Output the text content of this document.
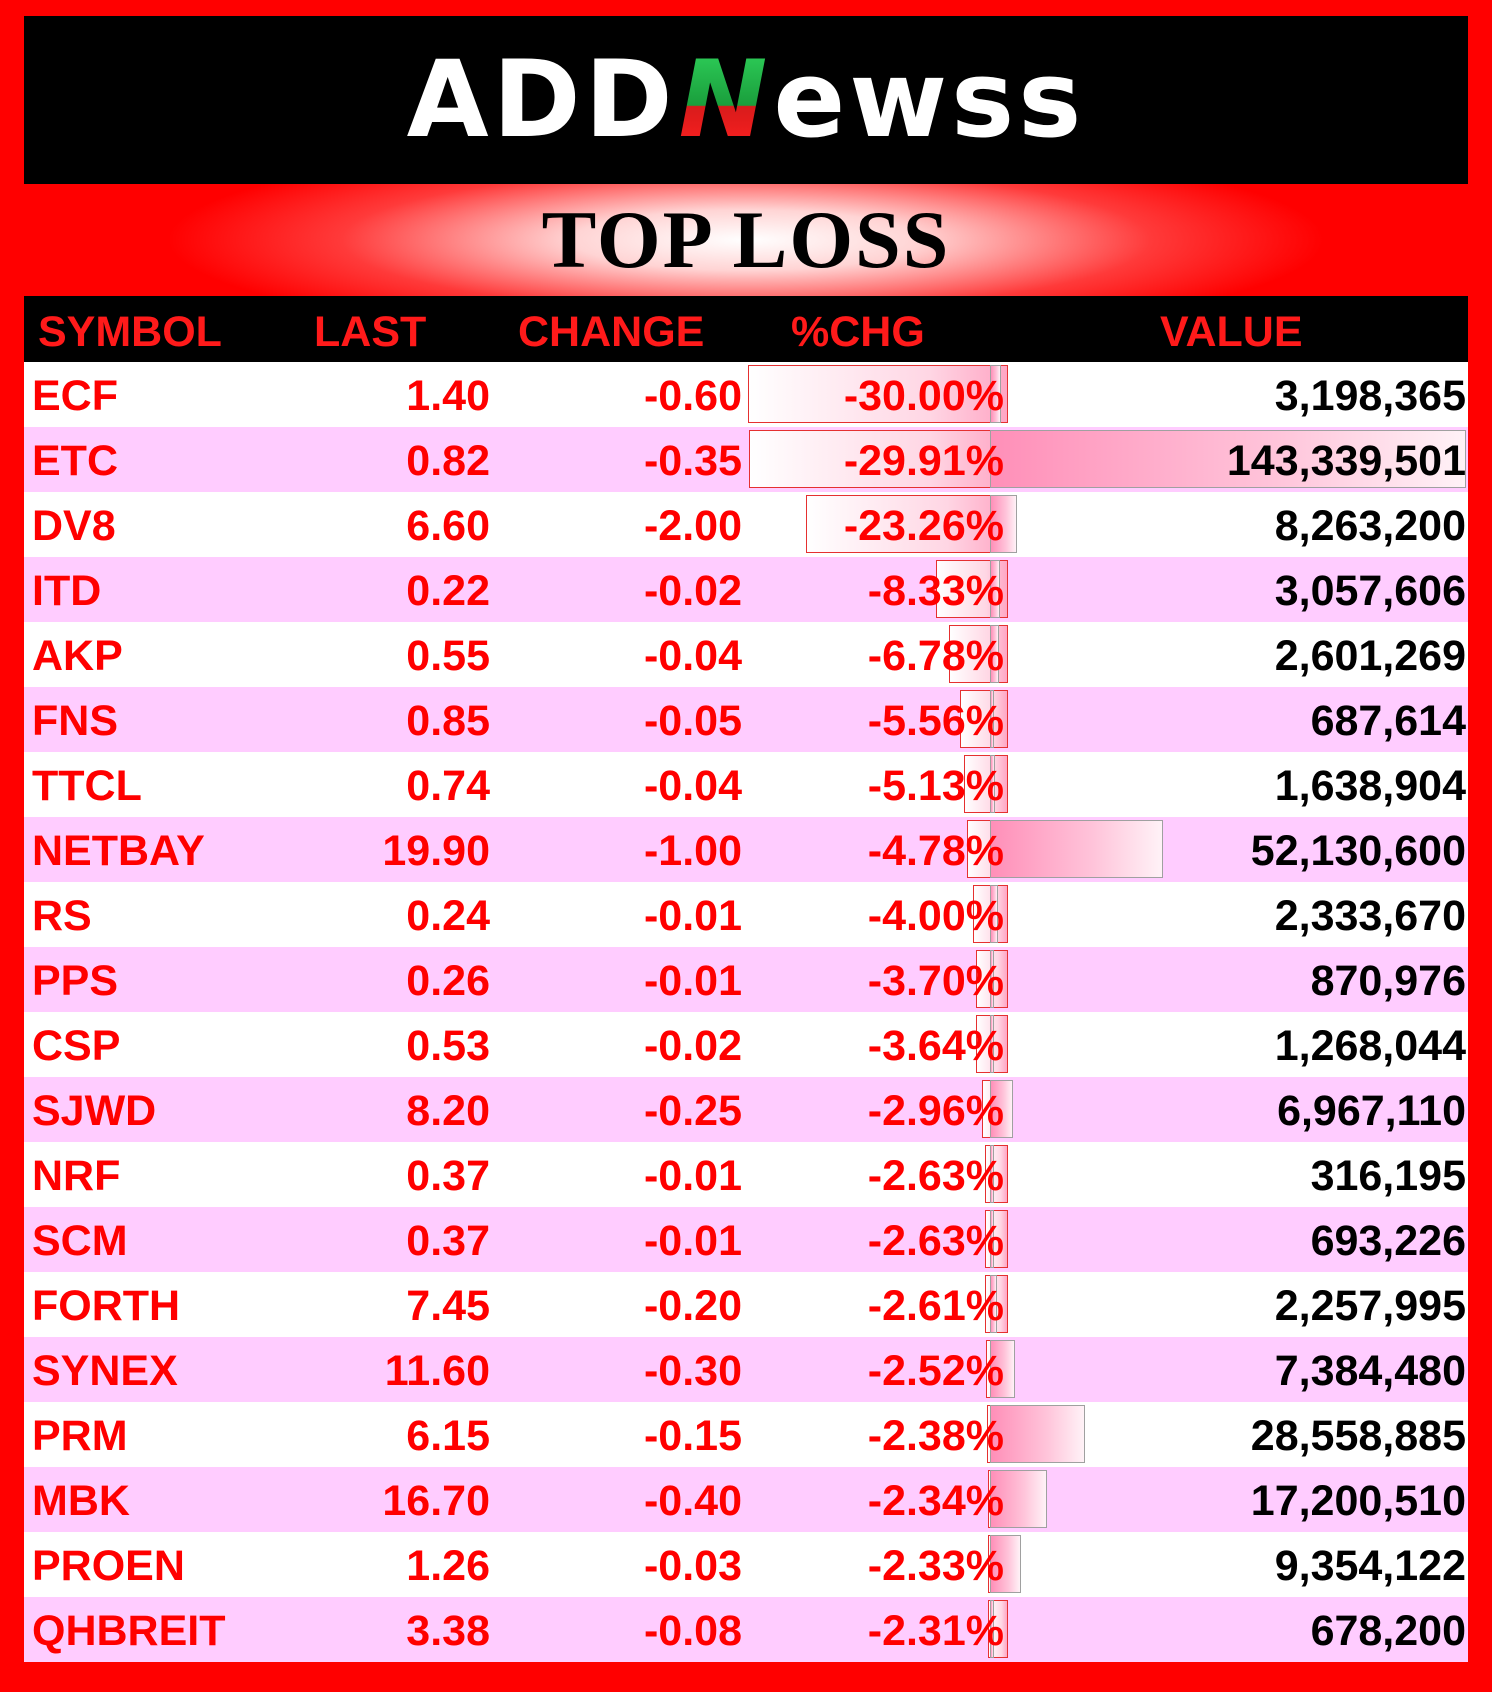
ADD N ewss
TOP LOSS
SYMBOL LAST CHANGE %CHG	VALUE
ECF	1.40	-0.60	-30.00%	3,198,365
ETC	0.82	-0.35	-29.91%	143,339,501
DV8	6.60	-2.00	-23.26%	8,263,200
ITD	0.22	-0.02	-8.33%	3,057,606
AKP	0.55	-0.04	-6.78%	2,601,269
FNS	0.85	-0.05	-5.56%	687,614
TTCL	0.74	-0.04	-5.13%	1,638,904
NETBAY	19.90	-1.00	-4.78%	52,130,600
RS	0.24	-0.01	-4.00%	2,333,670
PPS	0.26	-0.01	-3.70%	870,976
CSP	0.53	-0.02	-3.64%	1,268,044
SJWD	8.20	-0.25	-2.96%	6,967,110
NRF	0.37	-0.01	-2.63%	316,195
SCM	0.37	-0.01	-2.63%	693,226
FORTH	7.45	-0.20	-2.61%	2,257,995
SYNEX	11.60	-0.30	-2.52%	7,384,480
PRM	6.15	-0.15	-2.38%	28,558,885
MBK	16.70	-0.40	-2.34%	17,200,510
PROEN	1.26	-0.03	-2.33%	9,354,122
QHBREIT	3.38	-0.08	-2.31%	678,200
